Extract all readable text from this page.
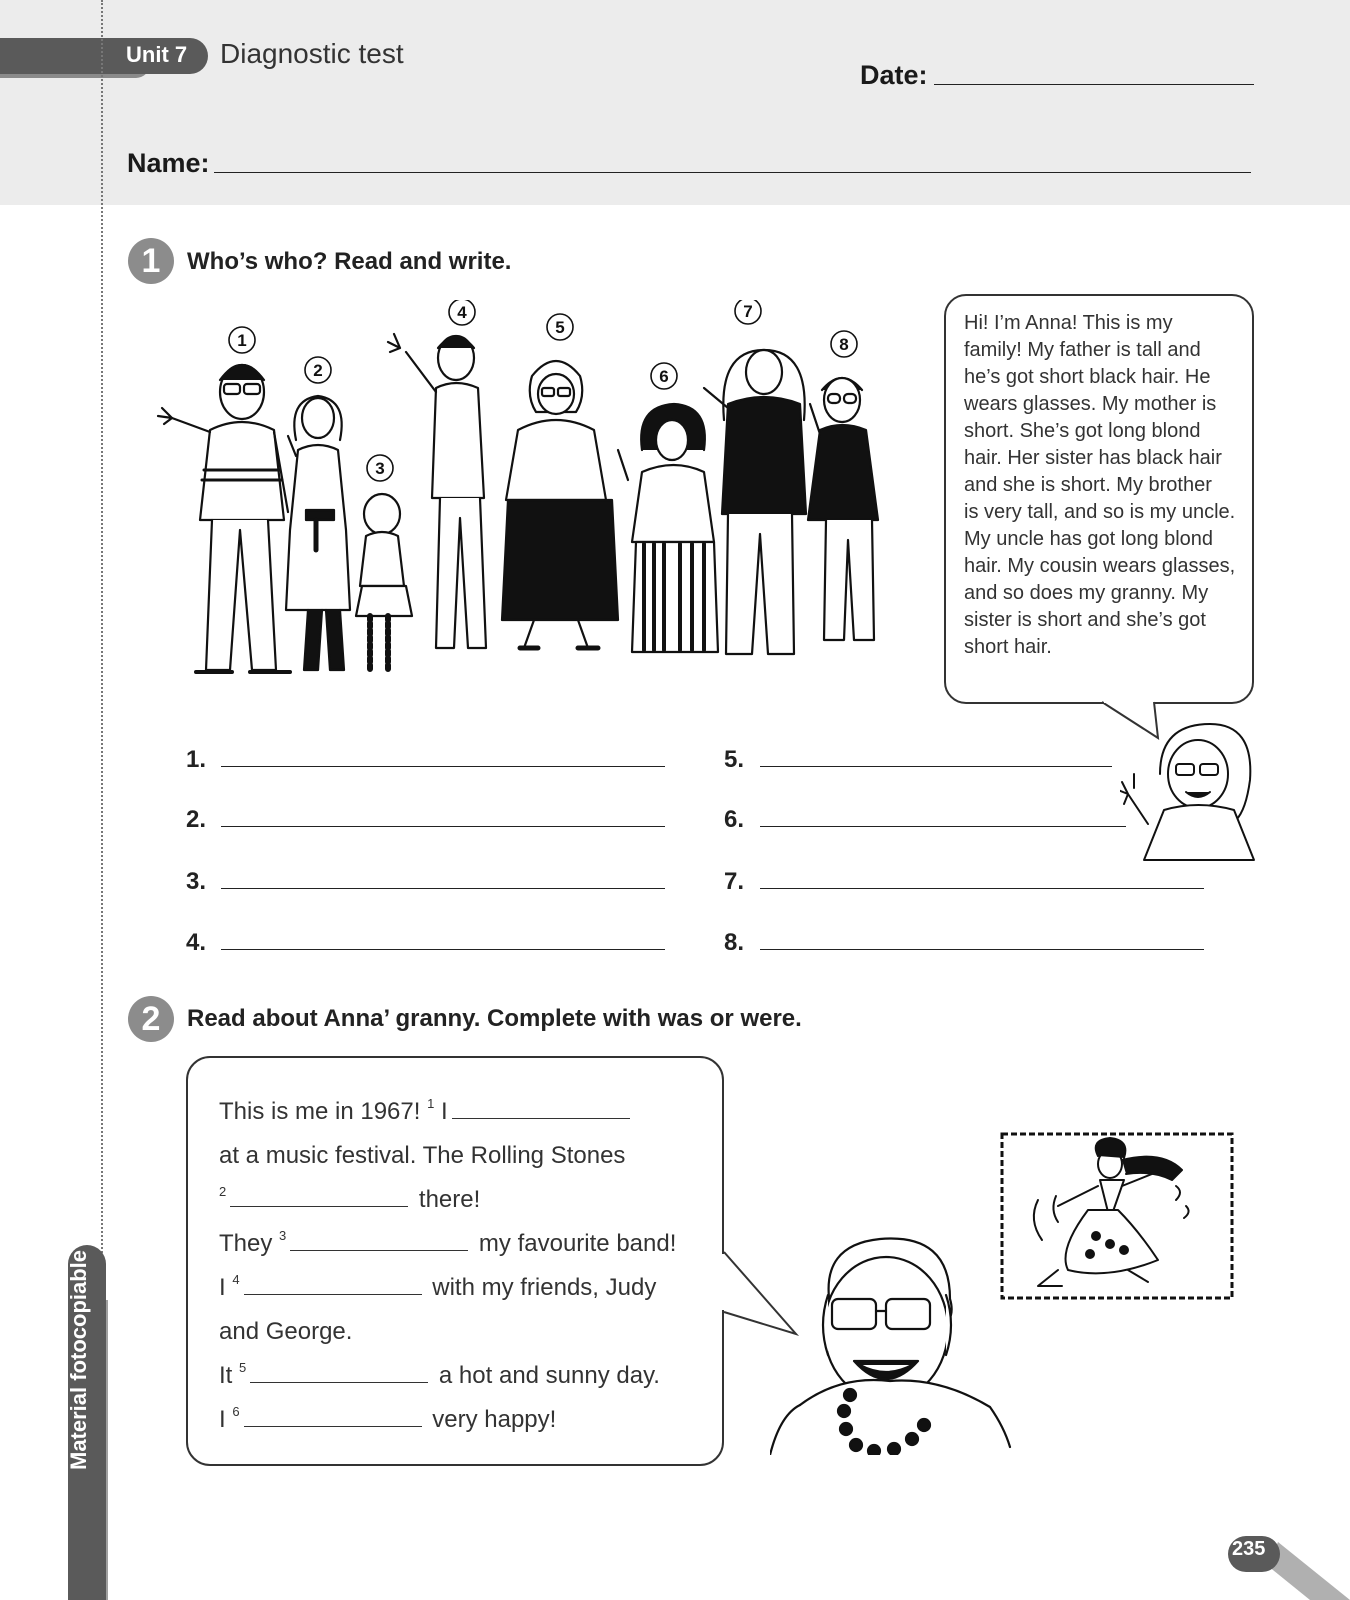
Unit 7 Diagnostic test
Date:
Name:
1	Who’s who? Read and write.
1
2
3
4
5
6
7
8
Hi! I’m Anna! This is my
family! My father is tall and
he’s got short black hair. He
wears glasses. My mother is
short. She’s got long blond
hair. Her sister has black hair
and she is short. My brother
is very tall, and so is my uncle.
My uncle has got long blond
hair. My cousin wears glasses,
and so does my granny. My
sister is short and she’s got
short hair.
1.
2.
3.
4.
5.
6.
7.
8.
2	Read about Anna’ granny. Complete with was or were.
This is me in 1967! $^1$ I
at a music festival. The Rolling Stones
$^2$	there!
They $^3$	my favourite band!
I $^4$	with my friends, Judy
and George.
It $^5$	a hot and sunny day.
I $^6$	very happy!
Material fotocopiable
235
